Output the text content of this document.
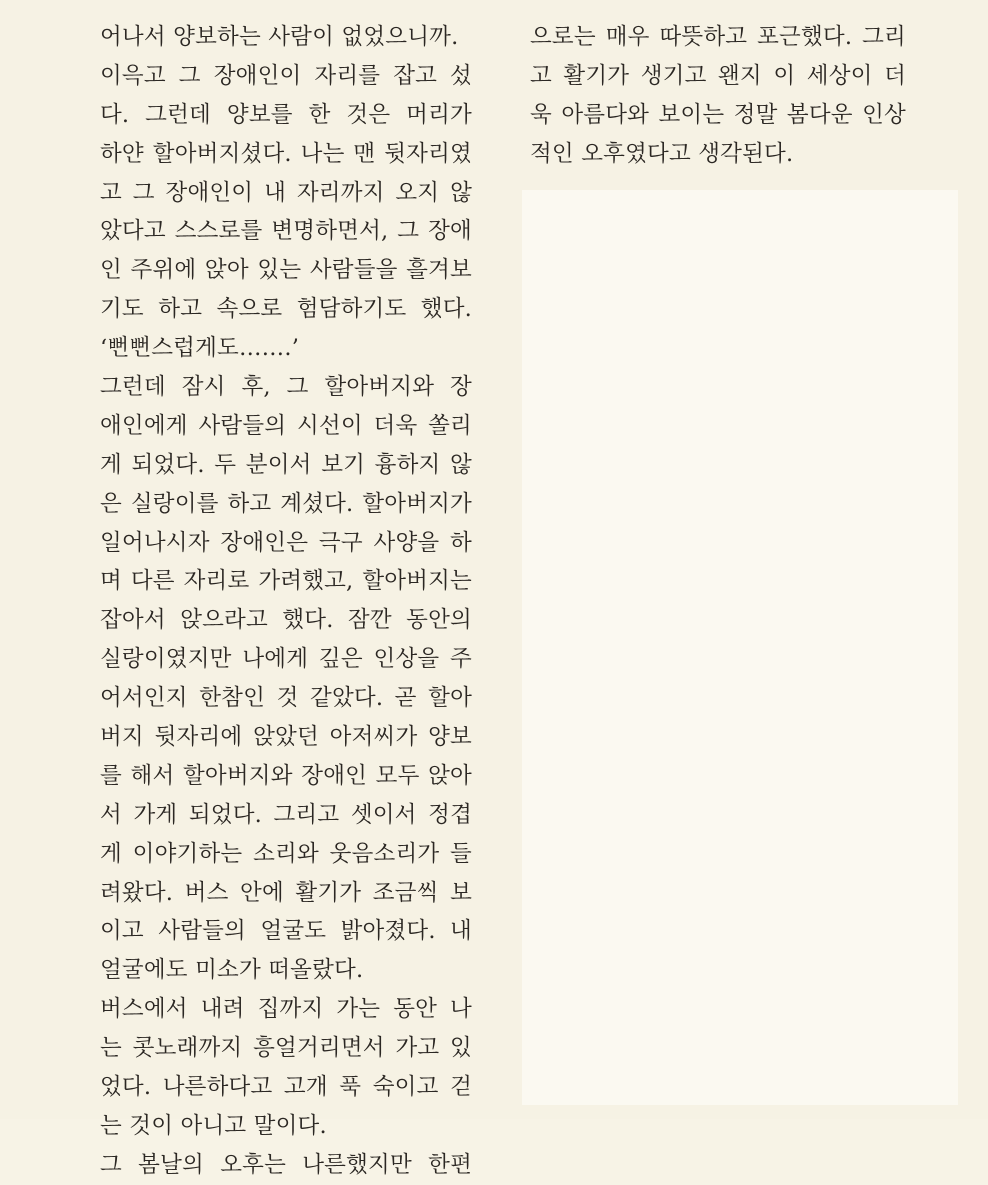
어나서 양보하는 사람이 없었으니까.
이윽고 그 장애인이 자리를 잡고 섰
다. 그런데 양보를 한 것은 머리가
하얀 할아버지셨다. 나는 맨 뒷자리였
고 그 장애인이 내 자리까지 오지 않
았다고 스스로를 변명하면서, 그 장애
인 주위에 앉아 있는 사람들을 흘겨보
기도 하고 속으로 험담하기도 했다.
‘뻔뻔스럽게도…….’
그런데 잠시 후, 그 할아버지와 장
애인에게 사람들의 시선이 더욱 쏠리
게 되었다. 두 분이서 보기 흉하지 않
은 실랑이를 하고 계셨다. 할아버지가
일어나시자 장애인은 극구 사양을 하
며 다른 자리로 가려했고, 할아버지는
잡아서 앉으라고 했다. 잠깐 동안의
실랑이였지만 나에게 깊은 인상을 주
어서인지 한참인 것 같았다. 곧 할아
버지 뒷자리에 앉았던 아저씨가 양보
를 해서 할아버지와 장애인 모두 앉아
서 가게 되었다. 그리고 셋이서 정겹
게 이야기하는 소리와 웃음소리가 들
려왔다. 버스 안에 활기가 조금씩 보
이고 사람들의 얼굴도 밝아졌다. 내
얼굴에도 미소가 떠올랐다.
버스에서 내려 집까지 가는 동안 나
는 콧노래까지 흥얼거리면서 가고 있
었다. 나른하다고 고개 푹 숙이고 걷
는 것이 아니고 말이다.
그 봄날의 오후는 나른했지만 한편
으로는 매우 따뜻하고 포근했다. 그리
고 활기가 생기고 왠지 이 세상이 더
욱 아름다와 보이는 정말 봄다운 인상
적인 오후였다고 생각된다.
